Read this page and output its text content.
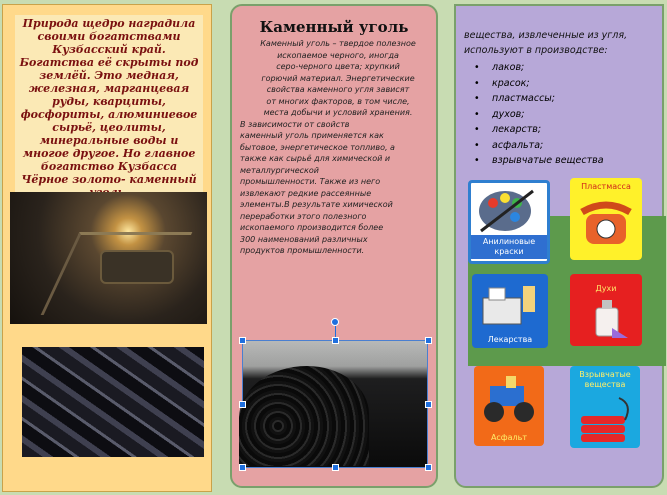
Природа щедро наградила своими богатствами Кузбасский край. Богатства её скрыты под землёй. Это медная, железная, марганцевая руды, кварциты, фосфориты, алюминиевое сырьё, цеолиты, минеральные воды и многое другое. Но главное богатство Кузбасса Чёрное золото- каменный
Каменный уголь

Каменный уголь – твердое полезное

ископаемое черного, иногда

серо-черного цвета; хрупкий

горючий материал. Энергетические

свойства каменного угля зависят

от многих факторов, в том числе,

места добычи и условий хранения.

В зависимости от свойств

каменный уголь применяется как

бытовое, энергетическое топливо, а

также как сырьё для химической и

металлургической

промышленности. Также из него

извлекают редкие рассеянные

элементы.В результате химической

переработки этого полезного

ископаемого производится более

300 наименований различных

продуктов промышленности.

вещества, извлеченные из угля, используют в производстве:
• лаков;
• красок;
• пластмассы;
• духов;
• лекарств;
• асфальта;
• взрывчатые вещества
Анилиновые краски
Пластмасса
Лекарства
Духи
Асфальт
Взрывчатые вещества
